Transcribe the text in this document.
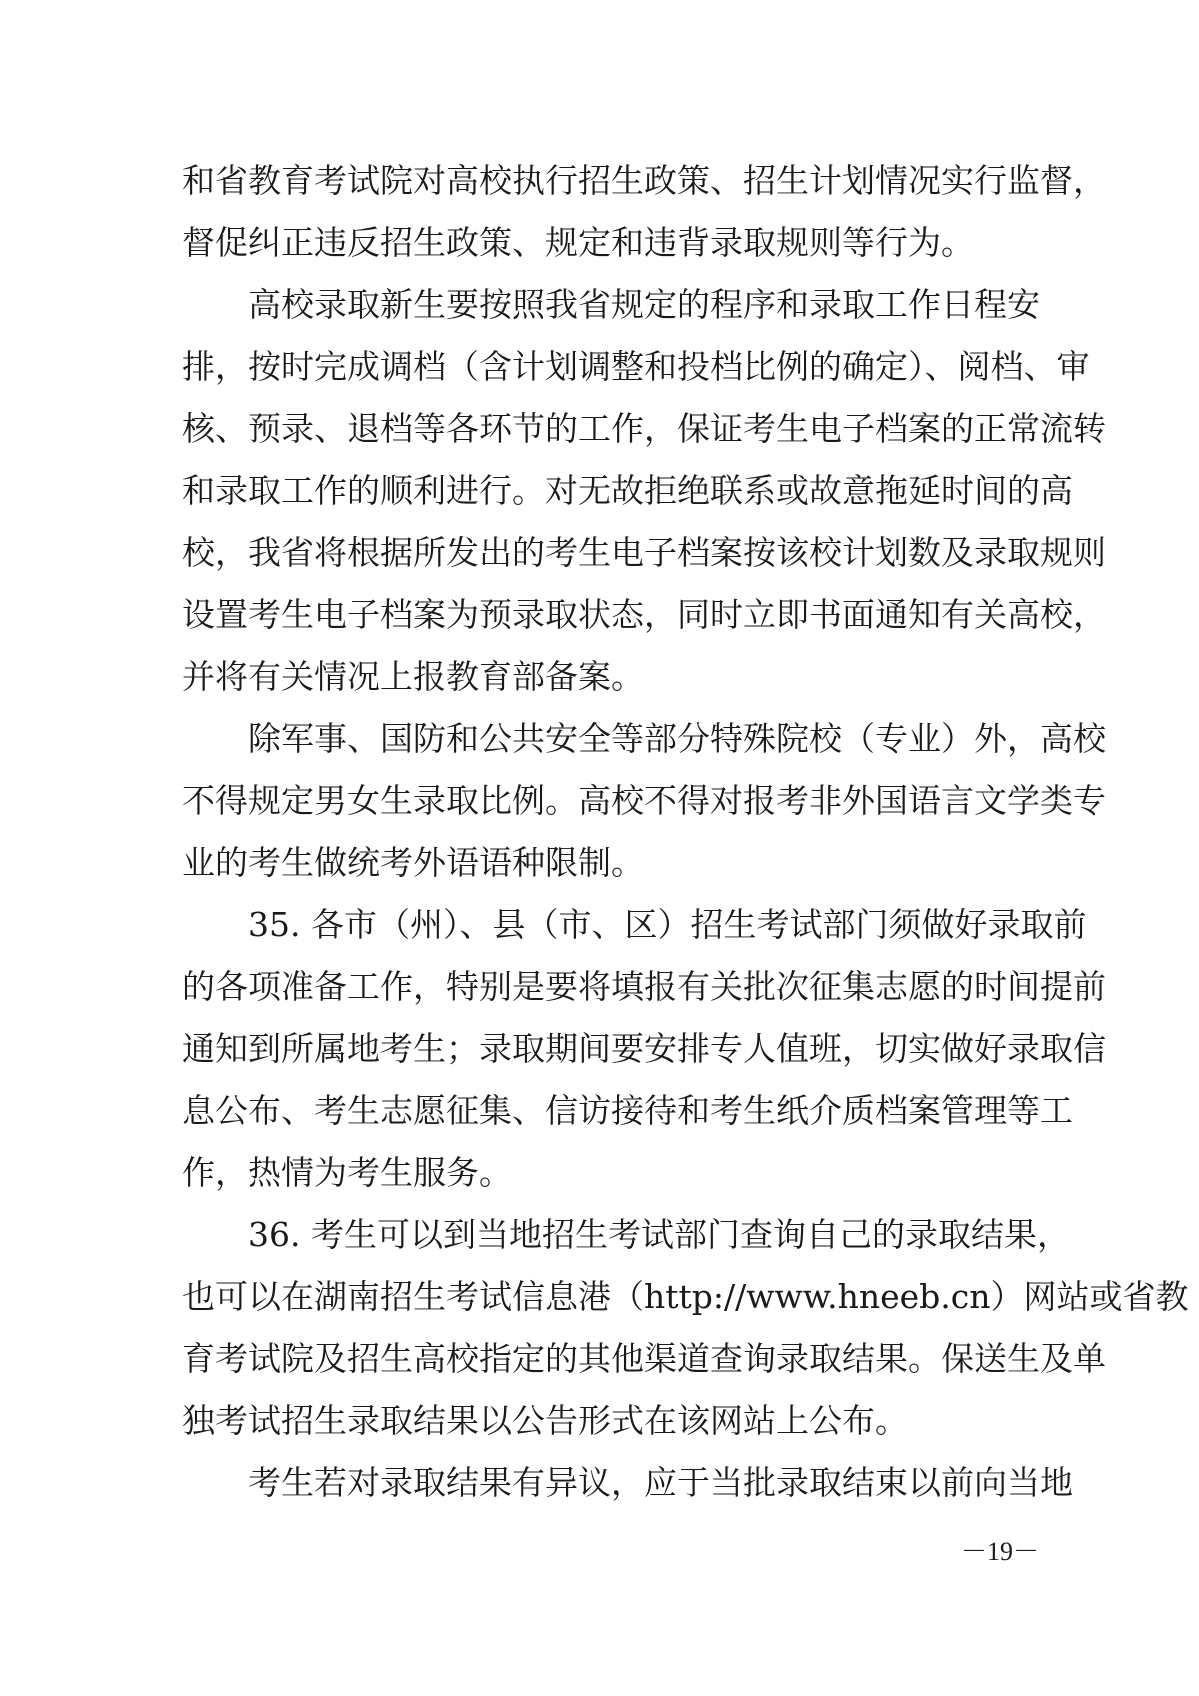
和省教育考试院对高校执行招生政策、招生计划情况实行监督，
督促纠正违反招生政策、规定和违背录取规则等行为。
高校录取新生要按照我省规定的程序和录取工作日程安
排，按时完成调档（含计划调整和投档比例的确定）、阅档、审
核、预录、退档等各环节的工作，保证考生电子档案的正常流转
和录取工作的顺利进行。对无故拒绝联系或故意拖延时间的高
校，我省将根据所发出的考生电子档案按该校计划数及录取规则
设置考生电子档案为预录取状态，同时立即书面通知有关高校，
并将有关情况上报教育部备案。
除军事、国防和公共安全等部分特殊院校（专业）外，高校
不得规定男女生录取比例。高校不得对报考非外国语言文学类专
业的考生做统考外语语种限制。
35. 各市（州）、县（市、区）招生考试部门须做好录取前
的各项准备工作，特别是要将填报有关批次征集志愿的时间提前
通知到所属地考生；录取期间要安排专人值班，切实做好录取信
息公布、考生志愿征集、信访接待和考生纸介质档案管理等工
作，热情为考生服务。
36. 考生可以到当地招生考试部门查询自己的录取结果，
也可以在湖南招生考试信息港（http://www.hneeb.cn）网站或省教
育考试院及招生高校指定的其他渠道查询录取结果。保送生及单
独考试招生录取结果以公告形式在该网站上公布。
考生若对录取结果有异议，应于当批录取结束以前向当地
－19－
